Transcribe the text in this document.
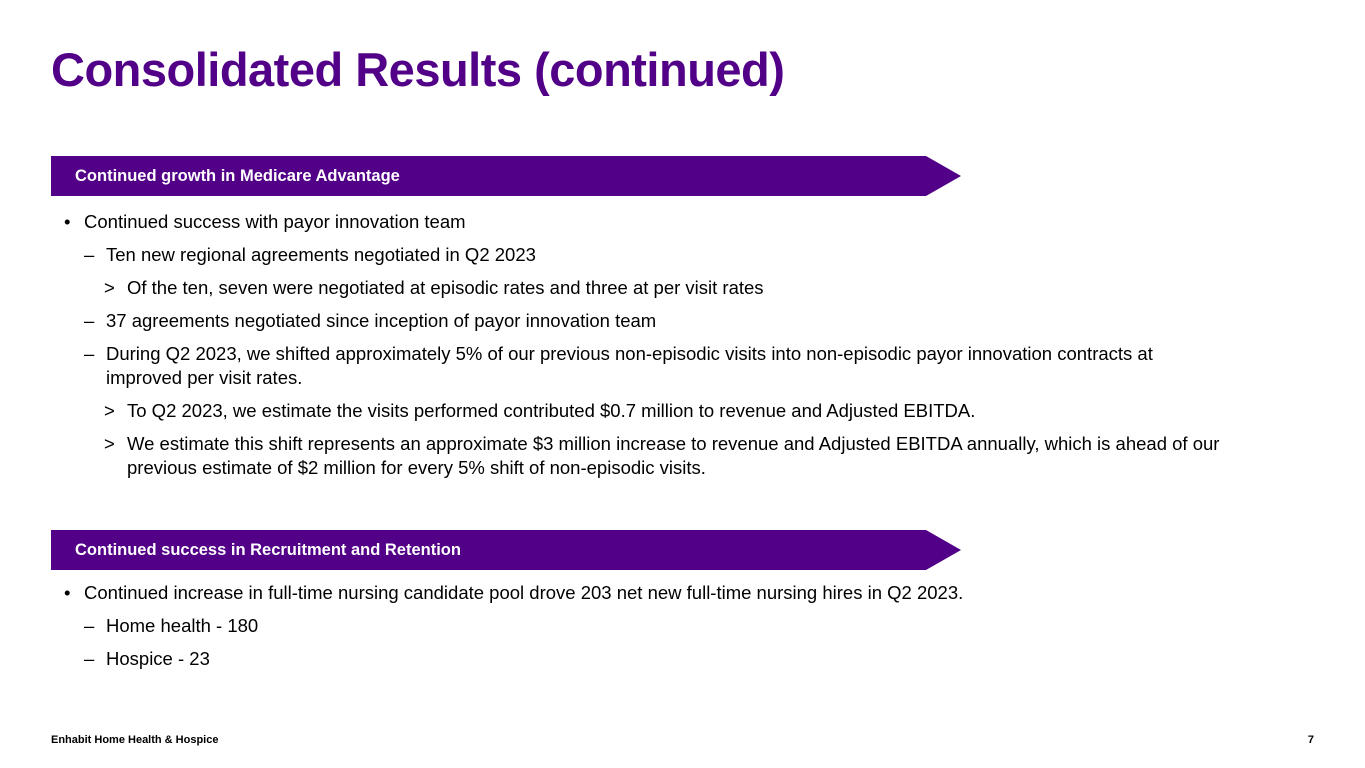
Consolidated Results (continued)
Continued growth in Medicare Advantage
• Continued success with payor innovation team
– Ten new regional agreements negotiated in Q2 2023
> Of the ten, seven were negotiated at episodic rates and three at per visit rates
– 37 agreements negotiated since inception of payor innovation team
– During Q2 2023, we shifted approximately 5% of our previous non-episodic visits into non-episodic payor innovation contracts at improved per visit rates.
> To Q2 2023, we estimate the visits performed contributed $0.7 million to revenue and Adjusted EBITDA.
> We estimate this shift represents an approximate $3 million increase to revenue and Adjusted EBITDA annually, which is ahead of our previous estimate of $2 million for every 5% shift of non-episodic visits.
Continued success in Recruitment and Retention
• Continued increase in full-time nursing candidate pool drove 203 net new full-time nursing hires in Q2 2023.
– Home health - 180
– Hospice - 23
Enhabit Home Health & Hospice	7
